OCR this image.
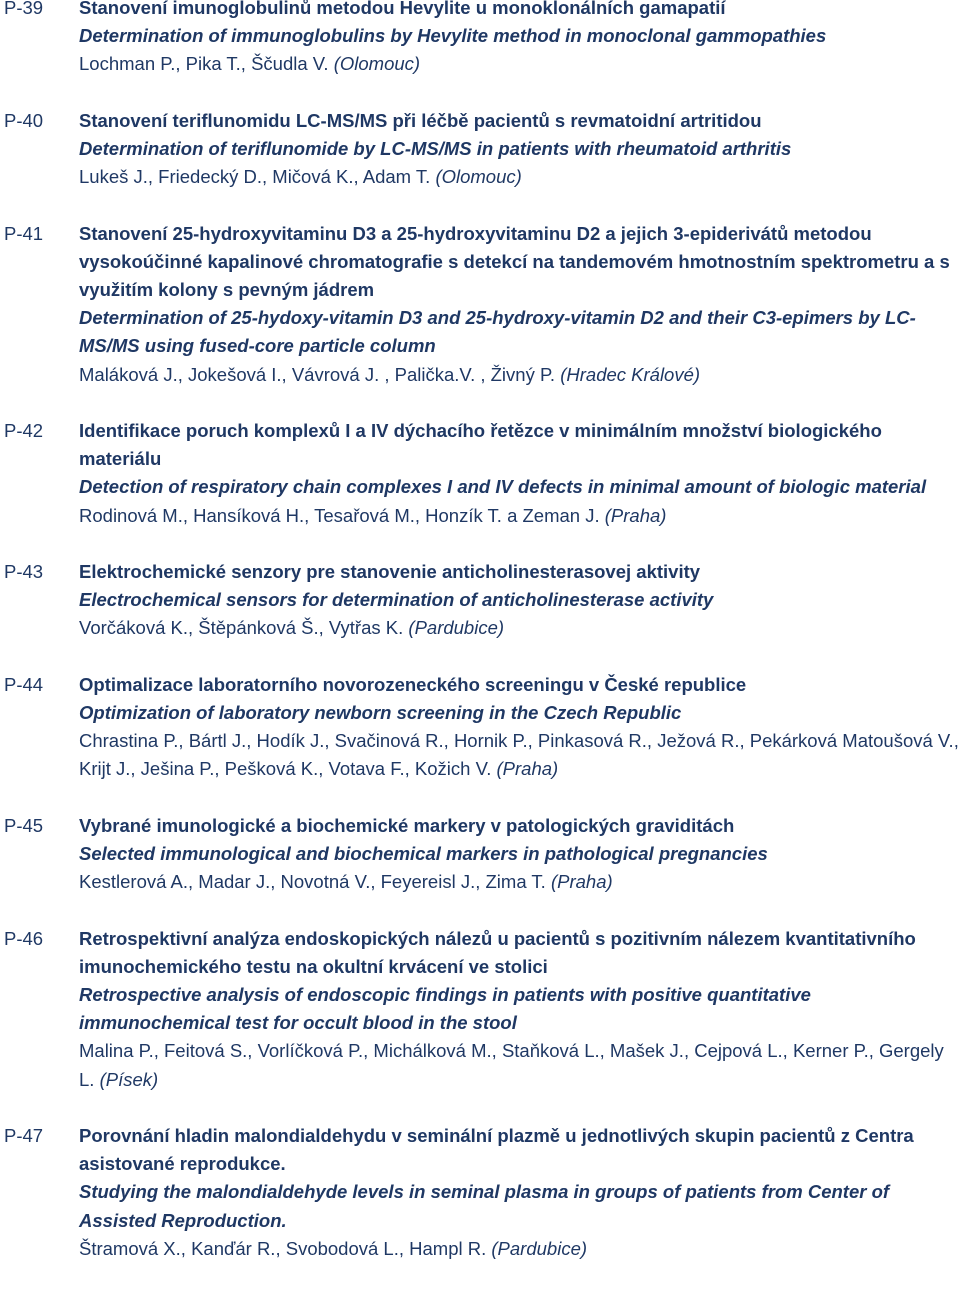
P-39	Stanovení imunoglobulinů metodou Hevylite u monoklonálních gamapatií
Determination of immunoglobulins by Hevylite method in monoclonal gammopathies
Lochman P., Pika T., Ščudla V. (Olomouc)
P-40	Stanovení teriflunomidu LC-MS/MS při léčbě pacientů s revmatoidní artritidou
Determination of teriflunomide by LC-MS/MS in patients with rheumatoid arthritis
Lukeš J., Friedecký D., Mičová K., Adam T. (Olomouc)
P-41	Stanovení 25-hydroxyvitaminu D3 a 25-hydroxyvitaminu D2 a jejich 3-epiderivátů metodou vysokoúčinné kapalinové chromatografie s detekcí na tandemovém hmotnostním spektrometru a s využitím kolony s pevným jádrem
Determination of 25-hydoxy-vitamin D3 and 25-hydroxy-vitamin D2 and their C3-epimers by LC-MS/MS using fused-core particle column
Maláková J., Jokešová I., Vávrová J. , Palička.V. , Živný P. (Hradec Králové)
P-42	Identifikace poruch komplexů I a IV dýchacího řetězce v minimálním množství biologického materiálu
Detection of respiratory chain complexes I and IV defects in minimal amount of biologic material
Rodinová M., Hansíková H., Tesařová M., Honzík T. a Zeman J. (Praha)
P-43	Elektrochemické senzory pre stanovenie anticholinesterasovej aktivity
Electrochemical sensors for determination of anticholinesterase activity
Vorčáková K., Štěpánková Š., Vytřas K. (Pardubice)
P-44	Optimalizace laboratorního novorozeneckého screeningu v České republice
Optimization of laboratory newborn screening in the Czech Republic
Chrastina P., Bártl J., Hodík J., Svačinová R., Hornik P., Pinkasová R., Ježová R., Pekárková Matoušová V., Krijt J., Ješina P., Pešková K., Votava F., Kožich V. (Praha)
P-45	Vybrané imunologické a biochemické markery v patologických graviditách
Selected immunological and biochemical markers in pathological pregnancies
Kestlerová A., Madar J., Novotná V., Feyereisl J., Zima T. (Praha)
P-46	Retrospektivní analýza endoskopických nálezů u pacientů s pozitivním nálezem kvantitativního imunochemického testu na okultní krvácení ve stolici
Retrospective analysis of endoscopic findings in patients with positive quantitative immunochemical test for occult blood in the stool
Malina P., Feitová S., Vorlíčková P., Michálková M., Staňková L., Mašek J., Cejpová L., Kerner P., Gergely L. (Písek)
P-47	Porovnání hladin malondialdehydu v seminální plazmě u jednotlivých skupin pacientů z Centra asistované reprodukce.
Studying the malondialdehyde levels in seminal plasma in groups of patients from Center of Assisted Reproduction.
Štramová X., Kanďár R., Svobodová L., Hampl R. (Pardubice)
